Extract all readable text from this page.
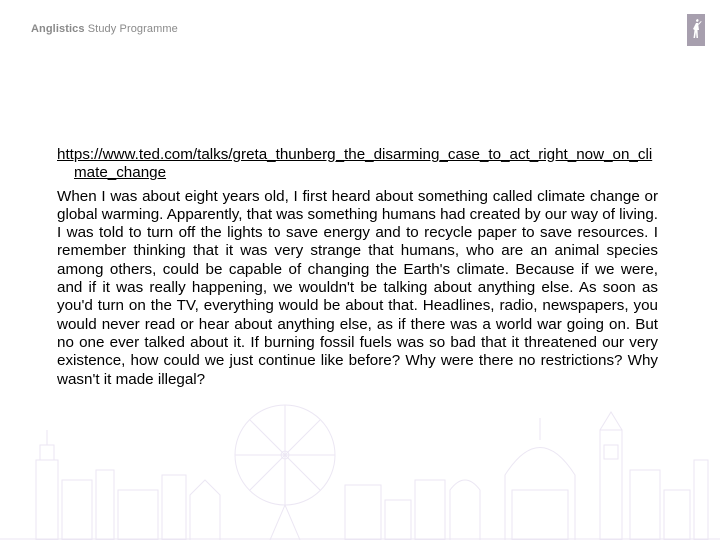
Anglistics Study Programme
https://www.ted.com/talks/greta_thunberg_the_disarming_case_to_act_right_now_on_climate_change

When I was about eight years old, I first heard about something called climate change or global warming. Apparently, that was something humans had created by our way of living. I was told to turn off the lights to save energy and to recycle paper to save resources. I remember thinking that it was very strange that humans, who are an animal species among others, could be capable of changing the Earth's climate. Because if we were, and if it was really happening, we wouldn't be talking about anything else. As soon as you'd turn on the TV, everything would be about that. Headlines, radio, newspapers, you would never read or hear about anything else, as if there was a world war going on. But no one ever talked about it. If burning fossil fuels was so bad that it threatened our very existence, how could we just continue like before? Why were there no restrictions? Why wasn't it made illegal?
